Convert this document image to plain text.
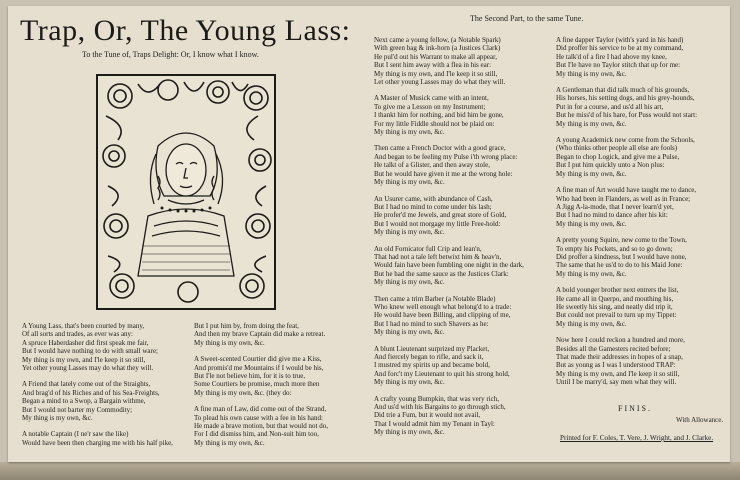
Trap, Or, The Young Lass:
To the Tune of, Traps Delight: Or, I know what I know.
The Second Part, to the same Tune.
A Young Lass, that's been courted by many,
Of all sorts and trades, as ever was any:
A spruce Haberdasher did first speak me fair,
But I would have nothing to do with small ware;
My thing is my own, and I'le keep it so still,
Yet other young Lasses may do what they will.
A Friend that lately come out of the Straights,
And brag'd of his Riches and of his Sea-Freights,
Began a mind to a Swop, a Bargain withme,
But I would not barter my Commodity;
My thing is my own, &c.
A notable Captain (I ne'r saw the like)
Would have been then charging me with his half pike,
But I put him by, from doing the feat,
And then my brave Captain did make a retreat.
My thing is my own, &c.
A Sweet-scented Courtier did give me a Kiss,
And promis'd me Mountains if I would be his,
But I'le not believe him, for it is to true,
Some Courtiers be promise, much more then
My thing is my own, &c. (they do:
A fine man of Law, did come out of the Strand,
To plead his own cause with a fee in his hand:
He made a brave motion, but that would not do,
For I did dismiss him, and Non-suit him too,
My thing is my own, &c.
Next came a young fellow, (a Notable Spark)
With green bag & ink-horn (a Justices Clark)
He pul'd out his Warrant to make all appear,
But I sent him away with a flea in his ear:
My thing is my own, and I'le keep it so still,
Let other young Lasses may do what they will.
A Master of Musick came with an intent,
To give me a Lesson on my Instrument;
I thankt him for nothing, and bid him be gone,
For my little Fiddle should not be plaid on:
My thing is my own, &c.
Then came a French Doctor with a good grace,
And began to be feeling my Pulse i'th wrong place:
He talkt of a Glister, and then away stole,
But he would have given it me at the wrong hole:
My thing is my own, &c.
An Usurer came, with abundance of Cash,
But I had no mind to come under his lash;
He profer'd me Jewels, and great store of Gold,
But I would not morgage my little Free-hold:
My thing is my own, &c.
An old Fornicator full Crip and lean'n,
That had not a tale left betwixt him & heav'n,
Would fain have been fumbling one night in the dark,
But he had the same sauce as the Justices Clark:
My thing is my own, &c.
Then came a trim Barber (a Notable Blade)
Who knew well enough what belong'd to a trade:
He would have been Billing, and clipping of me,
But I had no mind to such Shavers as he:
My thing is my own, &c.
A blunt Lieutenant surprized my Placket,
And fiercely began to rifle, and sack it,
I mustred my spirits up and became bold,
And forc't my Lieutenant to quit his strong hold,
My thing is my own, &c.
A crafty young Bumpkin, that was very rich,
And us'd with his Bargains to go through stich,
Did trie a Fum, but it would not avail,
That I would admit him my Tenant in Tayl:
My thing is my own, &c.
A fine dapper Taylor (with's yard in his hand)
Did proffer his service to be at my command,
He talk'd of a fire I had above my knee,
But I'le have no Taylor stitch that up for me:
My thing is my own, &c.
A Gentleman that did talk much of his grounds,
His horses, his setting dogs, and his grey-hounds,
Put in for a course, and us'd all his art,
But he miss'd of his hare, for Puss would not start:
My thing is my own, &c.
A young Academick new come from the Schools,
(Who thinks other people all else are fools)
Began to chop Logick, and give me a Pulse,
But I put him quickly unto a Non plus:
My thing is my own, &c.
A fine man of Art would have taught me to dance,
Who had been in Flanders, as well as in France;
A Jigg A-la-mode, that I never learn'd yet,
But I had no mind to dance after his kit:
My thing is my own, &c.
A pretty young Squire, new come to the Town,
To empty his Pockets, and so to go down;
Did proffer a kindness, but I would have none,
The same that he us'd to do to his Maid Jone:
My thing is my own, &c.
A bold younger brother next entrers the list,
He came all in Querpo, and mouthing his,
He sweetly his sing, and neatly did trip it,
But could not prevail to turn up my Tippet:
My thing is my own, &c.
Now here I could reckon a hundred and more,
Besides all the Gamesters recited before;
That made their addresses in hopes of a snap,
But as young as I was I understood TRAP:
My thing is my own, and I'le keep it so still,
Until I be marry'd, say men what they will.
FINIS.
With Allowance.
Printed for F. Coles, T. Vere, J. Wright, and J. Clarke.
